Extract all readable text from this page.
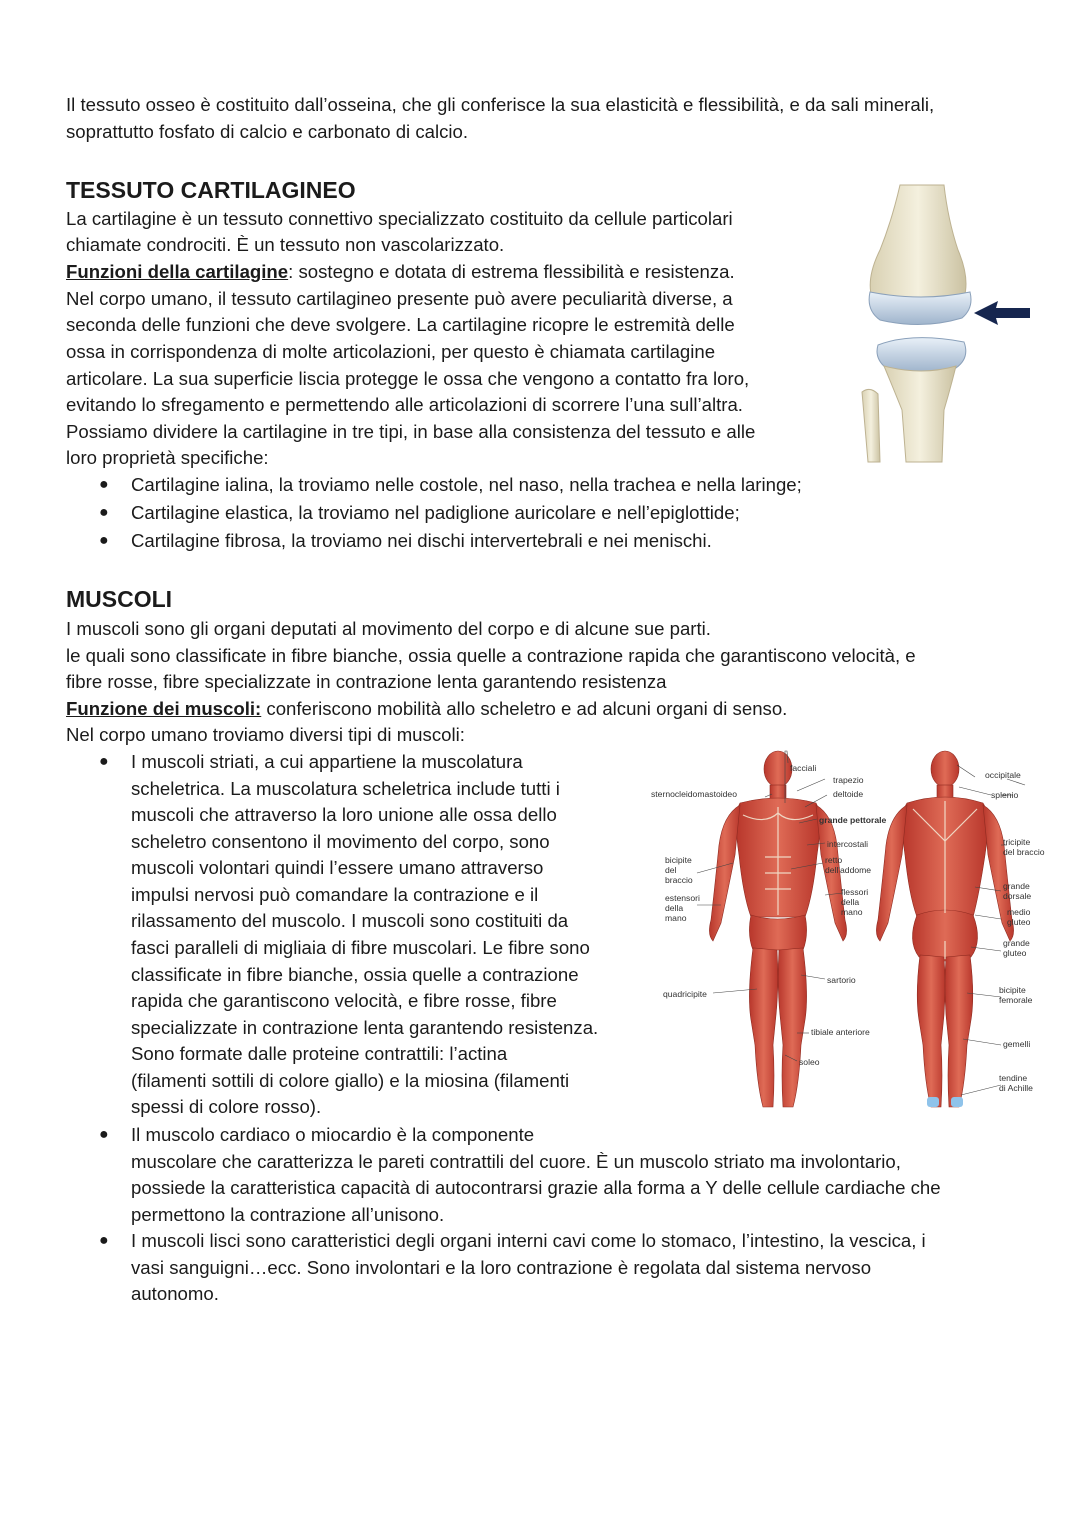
Il tessuto osseo è costituito dall’osseina, che gli conferisce la sua elasticità e flessibilità, e da sali minerali,
soprattutto fosfato di calcio e carbonato di calcio.
TESSUTO CARTILAGINEO
La cartilagine è un tessuto connettivo specializzato costituito da cellule particolari
chiamate condrociti. È un tessuto non vascolarizzato.
Funzioni della cartilagine: sostegno e dotata di estrema flessibilità e resistenza.
Nel corpo umano, il tessuto cartilagineo presente può avere peculiarità diverse, a
seconda delle funzioni che deve svolgere. La cartilagine ricopre le estremità delle
ossa in corrispondenza di molte articolazioni, per questo è chiamata cartilagine
articolare. La sua superficie liscia protegge le ossa che vengono a contatto fra loro,
evitando lo sfregamento e permettendo alle articolazioni di scorrere l’una sull’altra.
Possiamo dividere la cartilagine in tre tipi, in base alla consistenza del tessuto e alle
loro proprietà specifiche:
● Cartilagine ialina, la troviamo nelle costole, nel naso, nella trachea e nella laringe;
● Cartilagine elastica, la troviamo nel padiglione auricolare e nell’epiglottide;
● Cartilagine fibrosa, la troviamo nei dischi intervertebrali e nei menischi.
MUSCOLI
I muscoli sono gli organi deputati al movimento del corpo e di alcune sue parti.
le quali sono classificate in fibre bianche, ossia quelle a contrazione rapida che garantiscono velocità, e
fibre rosse, fibre specializzate in contrazione lenta garantendo resistenza
Funzione dei muscoli: conferiscono mobilità allo scheletro e ad alcuni organi di senso.
Nel corpo umano troviamo diversi tipi di muscoli:
● I muscoli striati, a cui appartiene la muscolatura
scheletrica. La muscolatura scheletrica include tutti i
muscoli che attraverso la loro unione alle ossa dello
scheletro consentono il movimento del corpo, sono
muscoli volontari quindi l’essere umano attraverso
impulsi nervosi può comandare la contrazione e il
rilassamento del muscolo. I muscoli sono costituiti da
fasci paralleli di migliaia di fibre muscolari. Le fibre sono
classificate in fibre bianche, ossia quelle a contrazione
rapida che garantiscono velocità, e fibre rosse, fibre
specializzate in contrazione lenta garantendo resistenza.
Sono formate dalle proteine contrattili: l’actina
(filamenti sottili di colore giallo) e la miosina (filamenti
spessi di colore rosso).
● Il muscolo cardiaco o miocardio è la componente
muscolare che caratterizza le pareti contrattili del cuore. È un muscolo striato ma involontario,
possiede la caratteristica capacità di autocontrarsi grazie alla forma a Y delle cellule cardiache che
permettono la contrazione all’unisono.
● I muscoli lisci sono caratteristici degli organi interni cavi come lo stomaco, l’intestino, la vescica, i
vasi sanguigni…ecc. Sono involontari e la loro contrazione è regolata dal sistema nervoso
autonomo.
facciali
trapezio
sternocleidomastoideo	deltoide
grande pettorale
intercostali
retto
dell'addome
bicipite
del
braccio
estensori
della
mano
flessori
della
mano
sartorio
quadricipite
tibiale anteriore
soleo
occipitale
splenio
tricipite
del braccio
grande
dorsale
medio
gluteo
grande
gluteo
bicipite
femorale
gemelli
tendine
di Achille
